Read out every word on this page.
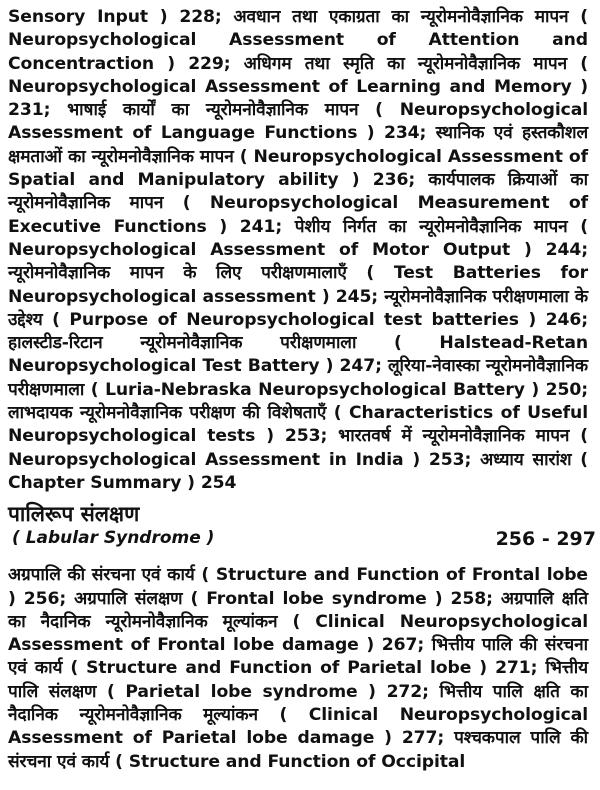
Sensory Input ) 228; अवधान तथा एकाग्रता का न्यूरोमनोवैज्ञानिक मापन ( Neuropsychological Assessment of Attention and Concentraction ) 229; अधिगम तथा स्मृति का न्यूरोमनोवैज्ञानिक मापन ( Neuropsychological Assessment of Learning and Memory ) 231; भाषाई कार्यों का न्यूरोमनोवैज्ञानिक मापन ( Neuropsychological Assessment of Language Functions ) 234; स्थानिक एवं हस्तकौशल क्षमताओं का न्यूरोमनोवैज्ञानिक मापन ( Neuropsychological Assessment of Spatial and Manipulatory ability ) 236; कार्यपालक क्रियाओं का न्यूरोमनोवैज्ञानिक मापन ( Neuropsychological Measurement of Executive Functions ) 241; पेशीय निर्गत का न्यूरोमनोवैज्ञानिक मापन ( Neuropsychological Assessment of Motor Output ) 244; न्यूरोमनोवैज्ञानिक मापन के लिए परीक्षणमालाएँ ( Test Batteries for Neuropsychological assessment ) 245; न्यूरोमनोवैज्ञानिक परीक्षणमाला के उद्देश्य ( Purpose of Neuropsychological test batteries ) 246; हालस्टीड-रिटान न्यूरोमनोवैज्ञानिक परीक्षणमाला ( Halstead-Retan Neuropsychological Test Battery ) 247; लूरिया-नेवास्का न्यूरोमनोवैज्ञानिक परीक्षणमाला ( Luria-Nebraska Neuropsychological Battery ) 250; लाभदायक न्यूरोमनोवैज्ञानिक परीक्षण की विशेषताएँ ( Characteristics of Useful Neuropsychological tests ) 253; भारतवर्ष में न्यूरोमनोवैज्ञानिक मापन ( Neuropsychological Assessment in India ) 253; अध्याय सारांश ( Chapter Summary ) 254

पालिरूप संलक्षण
( Labular Syndrome )	256 - 297

अग्रपालि की संरचना एवं कार्य ( Structure and Function of Frontal lobe ) 256; अग्रपालि संलक्षण ( Frontal lobe syndrome ) 258; अग्रपालि क्षति का नैदानिक न्यूरोमनोवैज्ञानिक मूल्यांकन ( Clinical Neuropsychological Assessment of Frontal lobe damage ) 267; भित्तीय पालि की संरचना एवं कार्य ( Structure and Function of Parietal lobe ) 271; भित्तीय पालि संलक्षण ( Parietal lobe syndrome ) 272; भित्तीय पालि क्षति का नैदानिक न्यूरोमनोवैज्ञानिक मूल्यांकन ( Clinical Neuropsychological Assessment of Parietal lobe damage ) 277; पश्चकपाल पालि की संरचना एवं कार्य ( Structure and Function of Occipital
